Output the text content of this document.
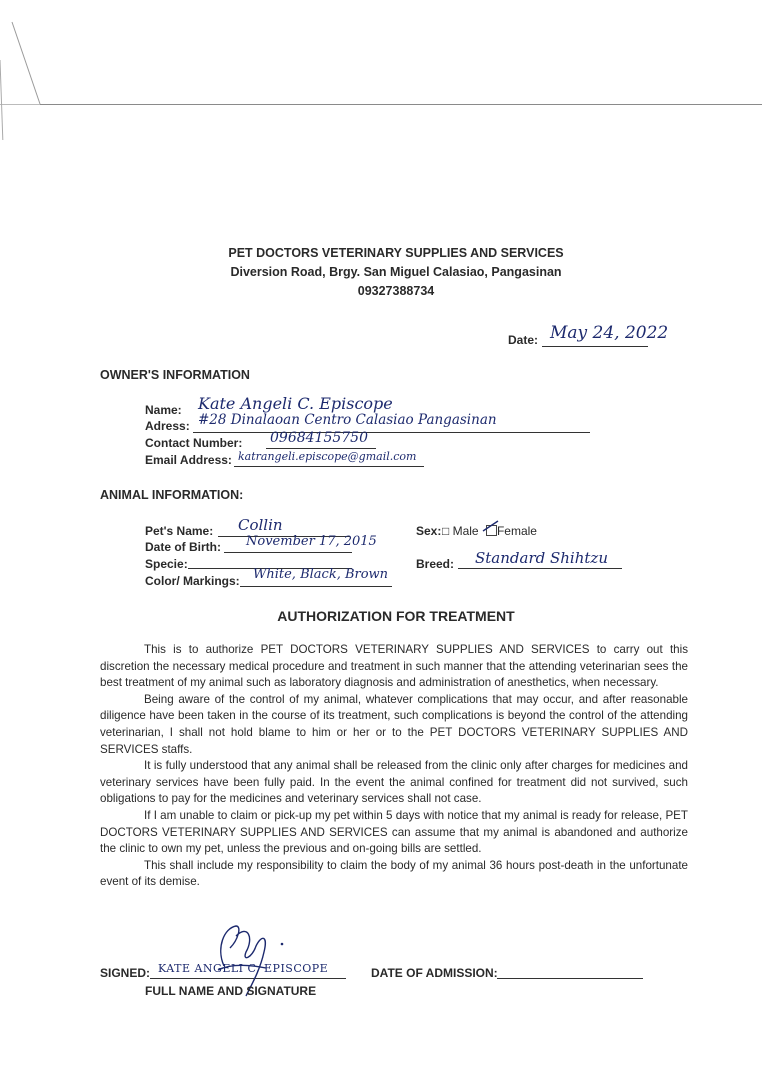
PET DOCTORS VETERINARY SUPPLIES AND SERVICES
Diversion Road, Brgy. San Miguel Calasiao, Pangasinan
09327388734
Date: May 24, 2022
OWNER'S INFORMATION
Name: Kate Angeli C. Episcope
Adress: #28 Dinalaoan Centro Calasiao Pangasinan
Contact Number: 09684155750
Email Address: katrangeli.episcope@gmail.com
ANIMAL INFORMATION:
Pet's Name: Collin
Date of Birth: November 17, 2015
Specie:
Color/ Markings: White, Black, Brown
Sex: □ Male Female
Breed: Standard Shihtzu
AUTHORIZATION FOR TREATMENT

This is to authorize PET DOCTORS VETERINARY SUPPLIES AND SERVICES to carry out this discretion the necessary medical procedure and treatment in such manner that the attending veterinarian sees the best treatment of my animal such as laboratory diagnosis and administration of anesthetics, when necessary.

Being aware of the control of my animal, whatever complications that may occur, and after reasonable diligence have been taken in the course of its treatment, such complications is beyond the control of the attending veterinarian, I shall not hold blame to him or her or to the PET DOCTORS VETERINARY SUPPLIES AND SERVICES staffs.

It is fully understood that any animal shall be released from the clinic only after charges for medicines and veterinary services have been fully paid. In the event the animal confined for treatment did not survived, such obligations to pay for the medicines and veterinary services shall not case.

If I am unable to claim or pick-up my pet within 5 days with notice that my animal is ready for release, PET DOCTORS VETERINARY SUPPLIES AND SERVICES can assume that my animal is abandoned and authorize the clinic to own my pet, unless the previous and on-going bills are settled.

This shall include my responsibility to claim the body of my animal 36 hours post-death in the unfortunate event of its demise.

SIGNED: KATE ANGELI C. EPISCOPE
FULL NAME AND SIGNATURE
DATE OF ADMISSION:
